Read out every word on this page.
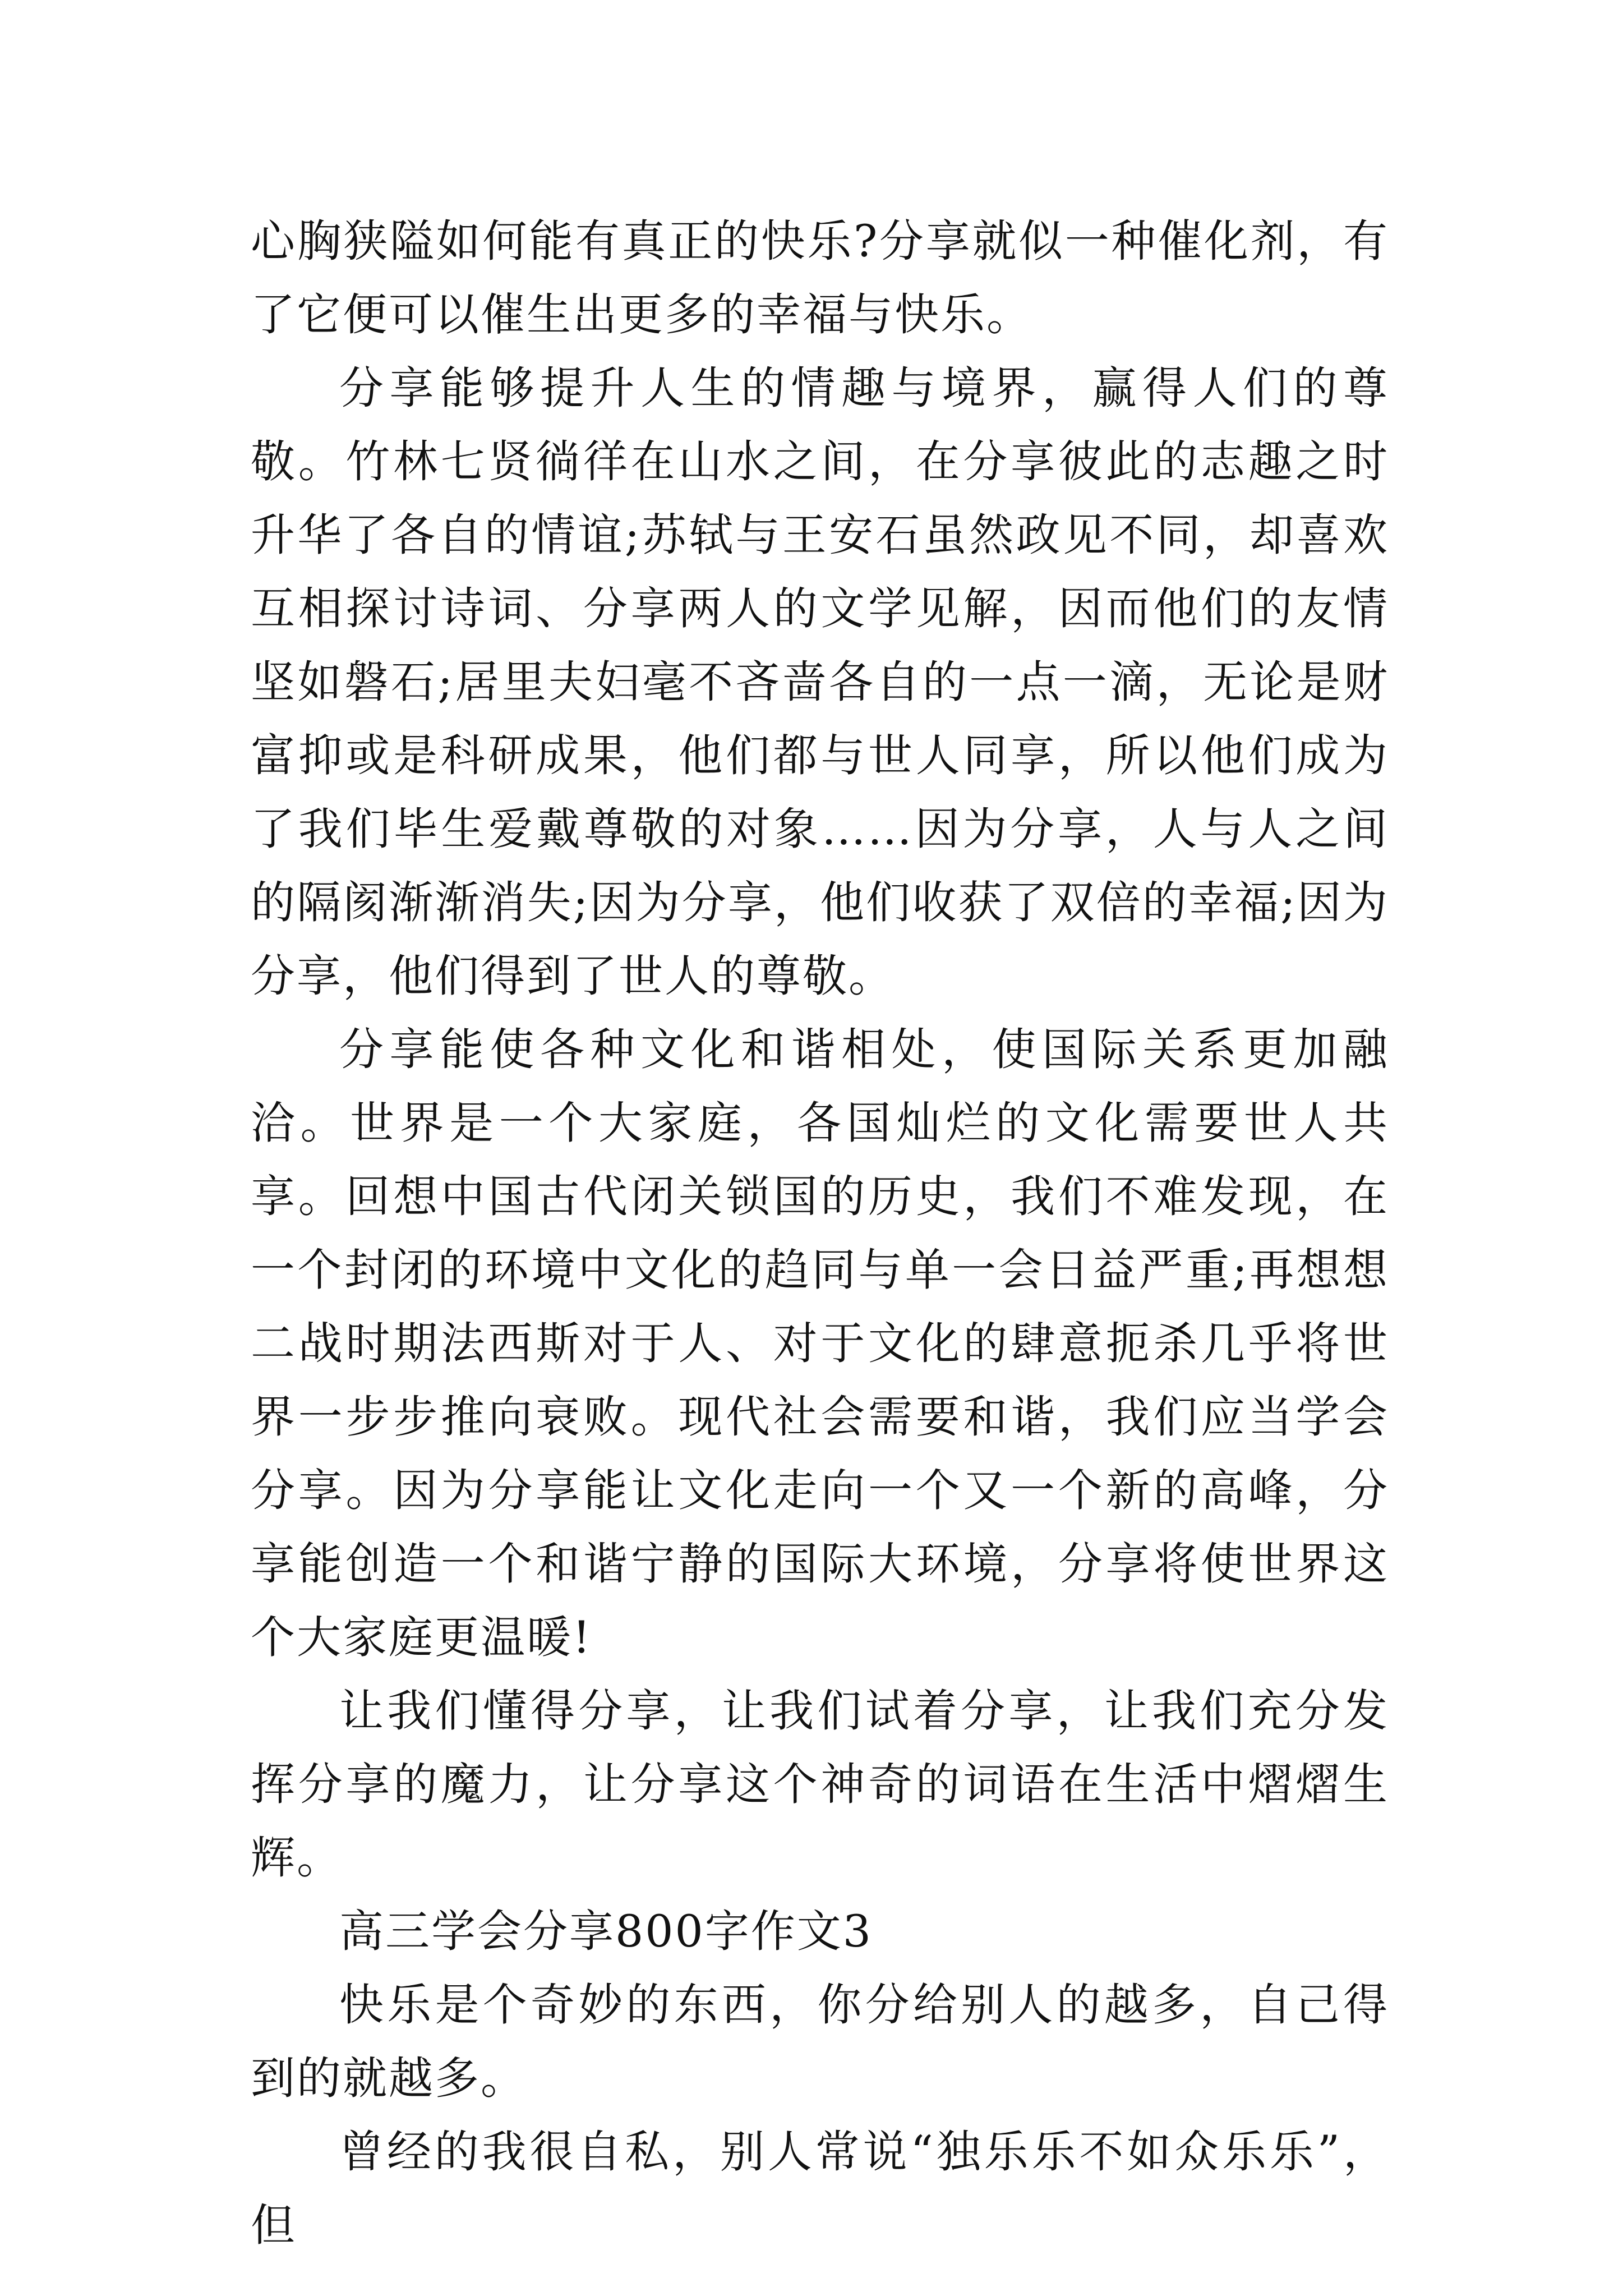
心胸狭隘如何能有真正的快乐?分享就似一种催化剂，有了它便可以催生出更多的幸福与快乐。

分享能够提升人生的情趣与境界，赢得人们的尊敬。竹林七贤徜徉在山水之间，在分享彼此的志趣之时升华了各自的情谊;苏轼与王安石虽然政见不同，却喜欢互相探讨诗词、分享两人的文学见解，因而他们的友情坚如磐石;居里夫妇毫不吝啬各自的一点一滴，无论是财富抑或是科研成果，他们都与世人同享，所以他们成为了我们毕生爱戴尊敬的对象……因为分享，人与人之间的隔阂渐渐消失;因为分享，他们收获了双倍的幸福;因为分享，他们得到了世人的尊敬。

分享能使各种文化和谐相处，使国际关系更加融洽。世界是一个大家庭，各国灿烂的文化需要世人共享。回想中国古代闭关锁国的历史，我们不难发现，在一个封闭的环境中文化的趋同与单一会日益严重;再想想二战时期法西斯对于人、对于文化的肆意扼杀几乎将世界一步步推向衰败。现代社会需要和谐，我们应当学会分享。因为分享能让文化走向一个又一个新的高峰，分享能创造一个和谐宁静的国际大环境，分享将使世界这个大家庭更温暖!

让我们懂得分享，让我们试着分享，让我们充分发挥分享的魔力，让分享这个神奇的词语在生活中熠熠生辉。

高三学会分享800字作文3

快乐是个奇妙的东西，你分给别人的越多，自己得到的就越多。

曾经的我很自私，别人常说“独乐乐不如众乐乐”，但
